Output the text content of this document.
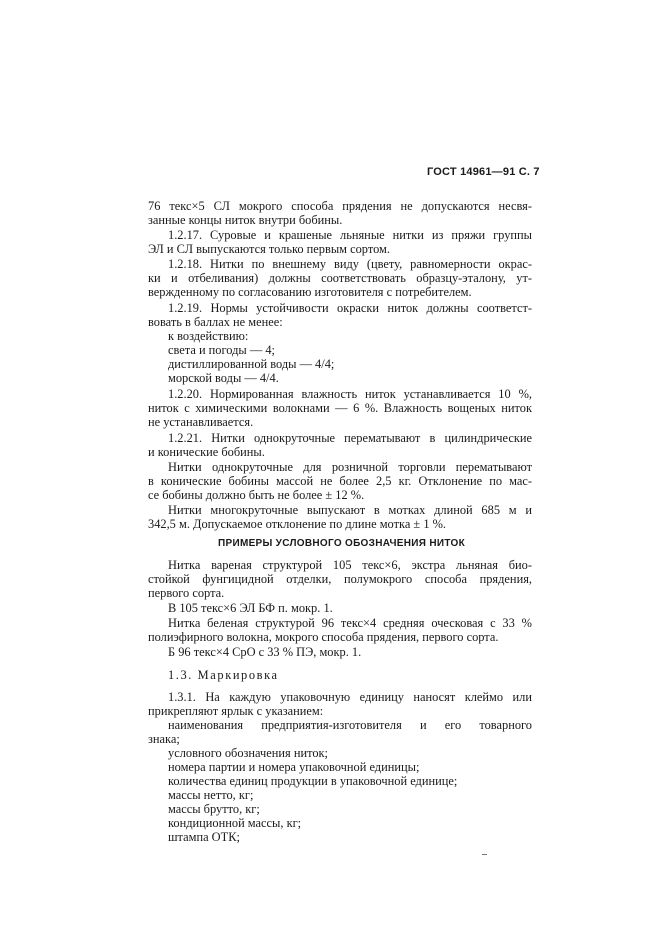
ГОСТ 14961—91 С. 7
76 текс×5 СЛ мокрого способа прядения не допускаются несвя-
занные концы ниток внутри бобины.
1.2.17. Суровые и крашеные льняные нитки из пряжи группы
ЭЛ и СЛ выпускаются только первым сортом.
1.2.18. Нитки по внешнему виду (цвету, равномерности окрас-
ки и отбеливания) должны соответствовать образцу-эталону, ут-
вержденному по согласованию изготовителя с потребителем.
1.2.19. Нормы устойчивости окраски ниток должны соответст-
вовать в баллах не менее:
к воздействию:
света и погоды — 4;
дистиллированной воды — 4/4;
морской воды — 4/4.
1.2.20. Нормированная влажность ниток устанавливается 10 %,
ниток с химическими волокнами — 6 %. Влажность вощеных ниток
не устанавливается.
1.2.21. Нитки однокруточные перематывают в цилиндрические
и конические бобины.
Нитки однокруточные для розничной торговли перематывают
в конические бобины массой не более 2,5 кг. Отклонение по мас-
се бобины должно быть не более ± 12 %.
Нитки многокруточные выпускают в мотках длиной 685 м и
342,5 м. Допускаемое отклонение по длине мотка ± 1 %.
ПРИМЕРЫ УСЛОВНОГО ОБОЗНАЧЕНИЯ НИТОК
Нитка вареная структурой 105 текс×6, экстра льняная био-
стойкой фунгицидной отделки, полумокрого способа прядения,
первого сорта.
В 105 текс×6 ЭЛ БФ п. мокр. 1.
Нитка беленая структурой 96 текс×4 средняя оческовая с 33 %
полиэфирного волокна, мокрого способа прядения, первого сорта.
Б 96 текс×4 СрО с 33 % ПЭ, мокр. 1.
1.3. Маркировка
1.3.1. На каждую упаковочную единицу наносят клеймо или
прикрепляют ярлык с указанием:
наименования предприятия-изготовителя и его товарного
знака;
условного обозначения ниток;
номера партии и номера упаковочной единицы;
количества единиц продукции в упаковочной единице;
массы нетто, кг;
массы брутто, кг;
кондиционной массы, кг;
штампа ОТК;
